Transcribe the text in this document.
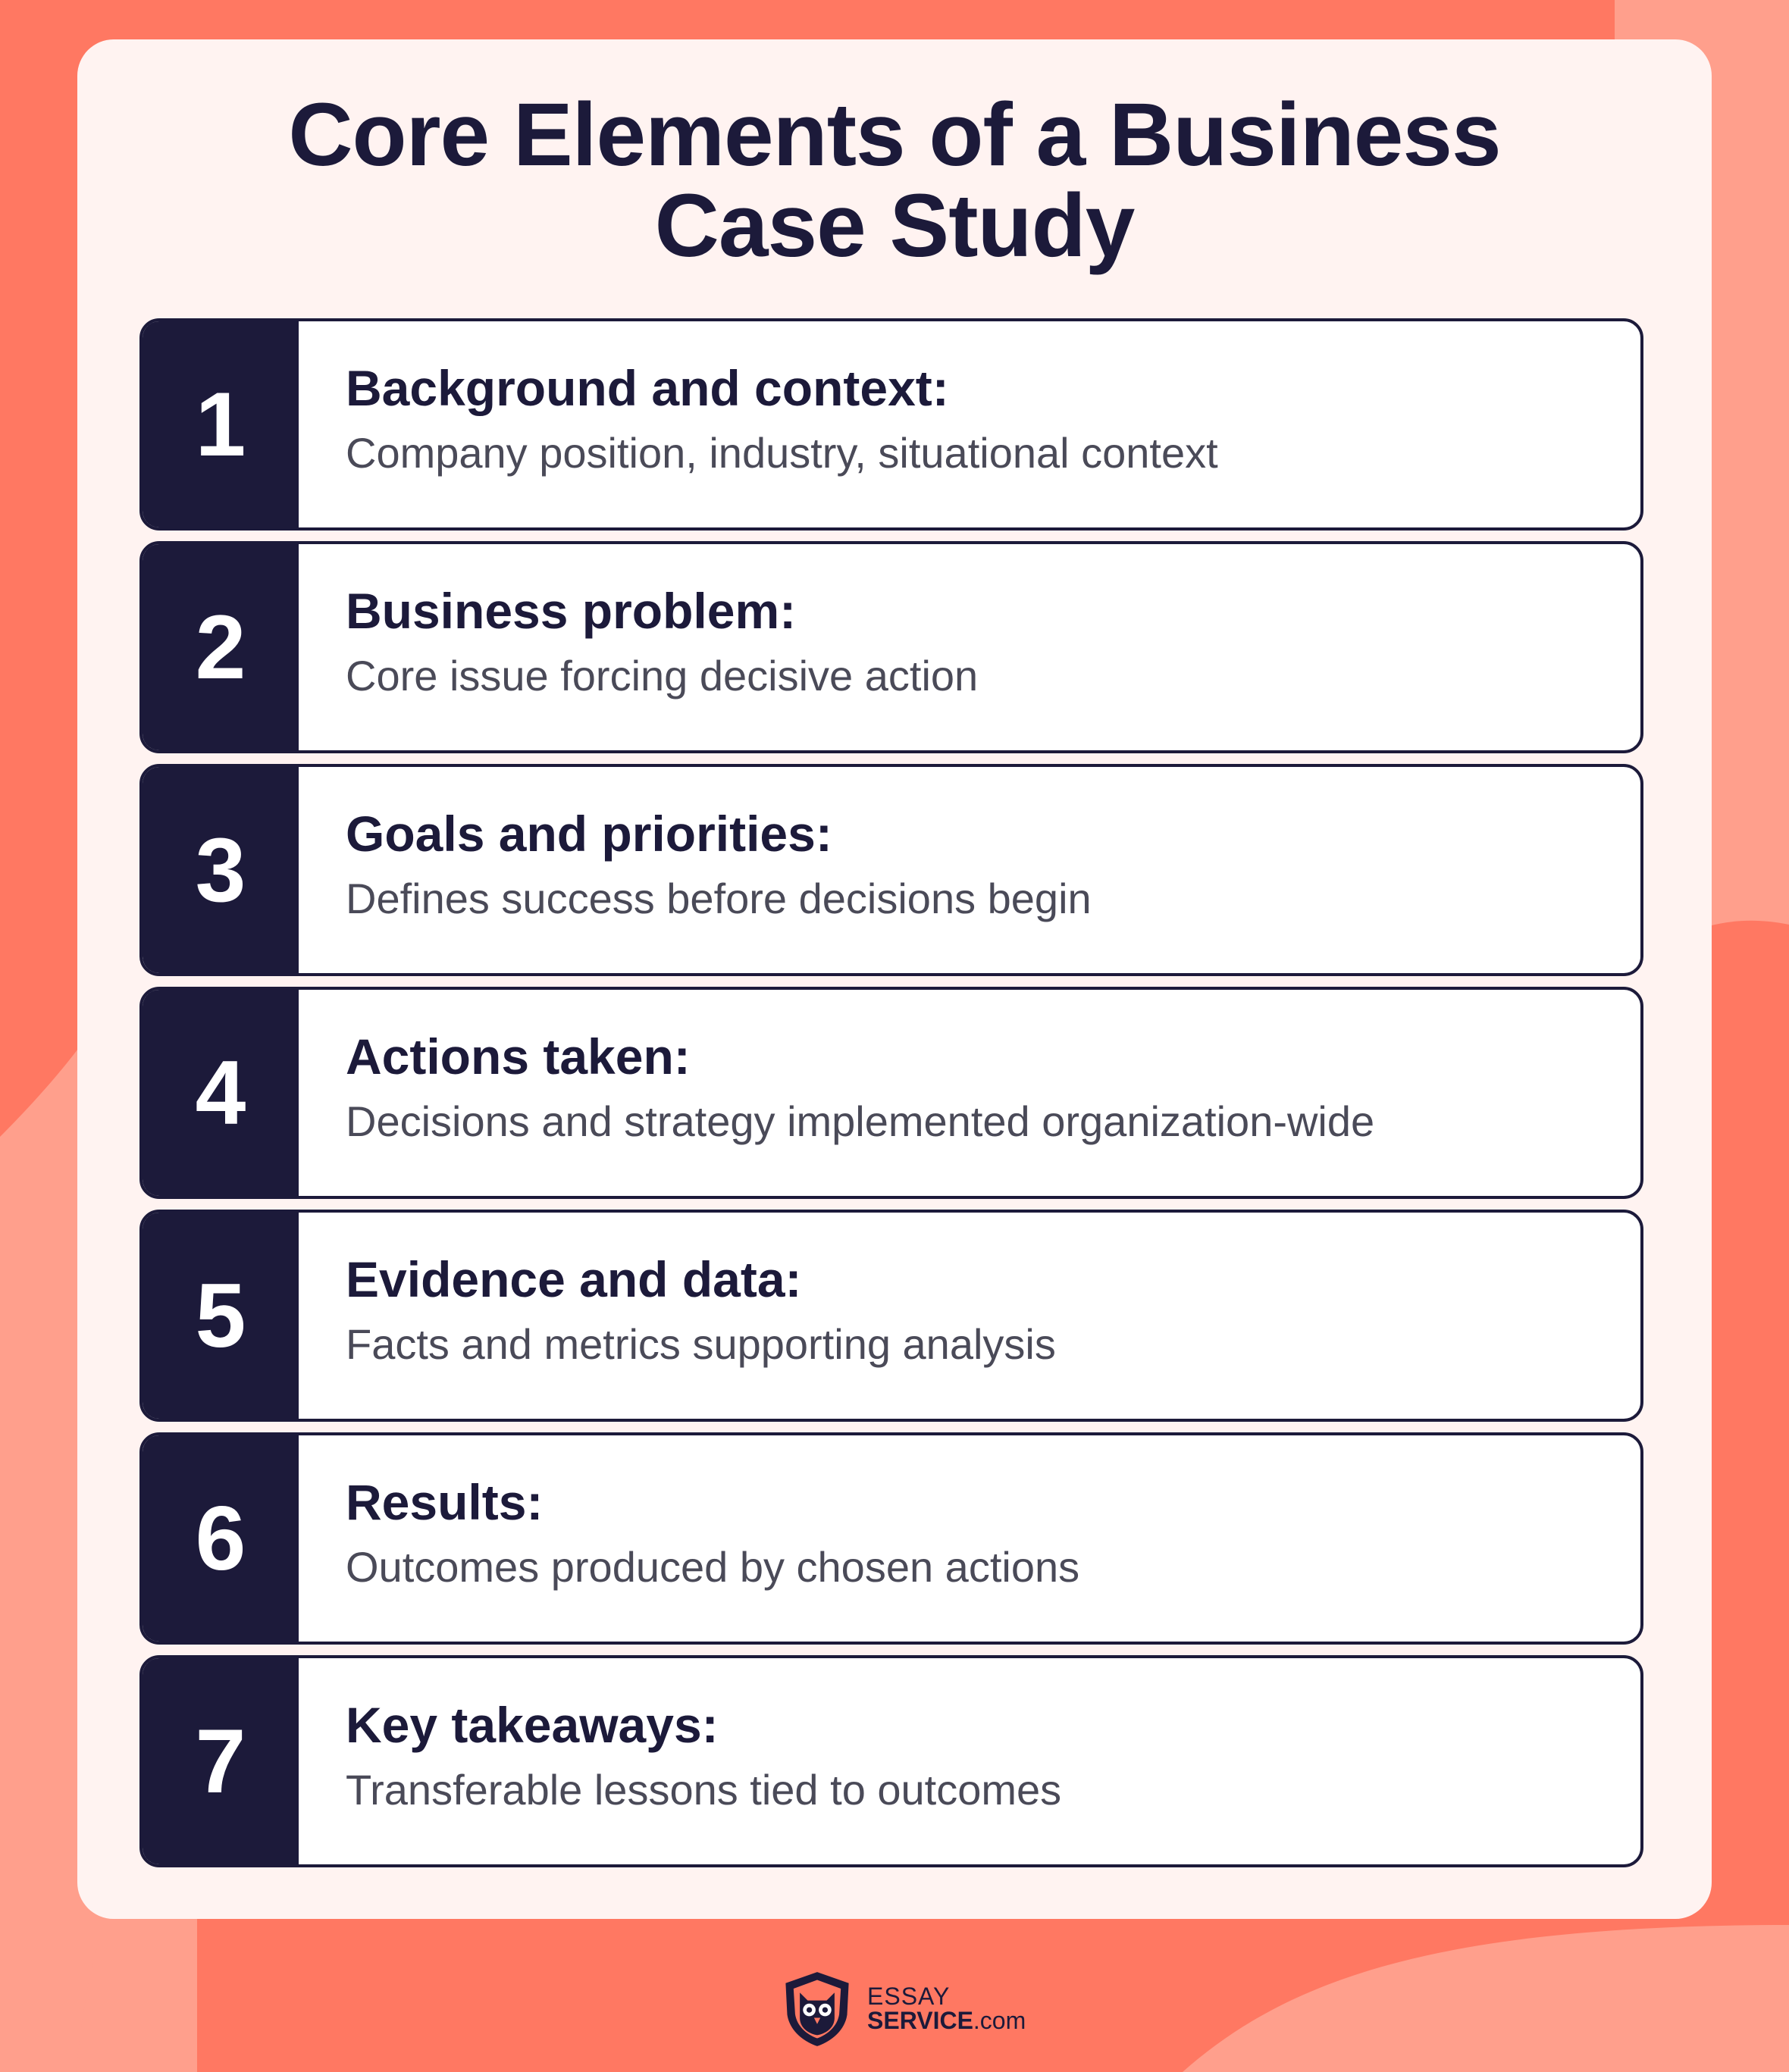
Core Elements of a Business
Case Study
1 Background and context:
Company position, industry, situational context
2 Business problem:
Core issue forcing decisive action
3 Goals and priorities:
Defines success before decisions begin
4 Actions taken:
Decisions and strategy implemented organization-wide
5 Evidence and data:
Facts and metrics supporting analysis
6 Results:
Outcomes produced by chosen actions
7 Key takeaways:
Transferable lessons tied to outcomes
ESSAY
SERVICE.com
